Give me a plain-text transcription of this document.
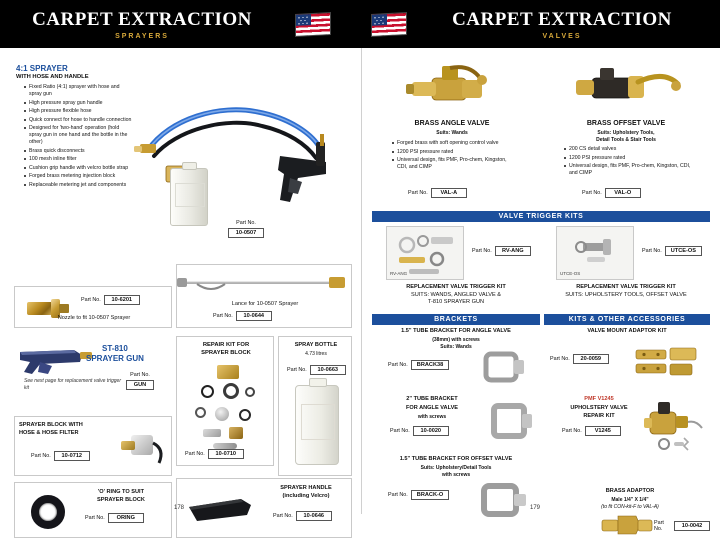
CARPET EXTRACTION
SPRAYERS
CARPET EXTRACTION
VALVES
4:1 SPRAYER
WITH HOSE AND HANDLE
Fixed Ratio (4:1) sprayer with hose and spray gun
High pressure spray gun handle
High pressure flexible hose
Quick connect for hose to handle connection
Designed for 'two-hand' operation (hold spray gun in one hand and the bottle in the other)
Brass quick disconnects
100 mesh inline filter
Cushion grip handle with velcro bottle strap
Forged brass metering injection block
Replaceable metering jet and components
Part No.
10-0507
Part No.	10-6201
Nozzle to fit 10-0507 Sprayer
Lance for 10-0507 Sprayer
Part No.	10-0644
ST-810
SPRAYER GUN
See next page for replacement valve trigger kit
Part No.
GUN
REPAIR KIT FOR
SPRAYER BLOCK
Part No.	10-0710
SPRAY BOTTLE
4.73 litres
Part No.	10-0663
SPRAYER BLOCK WITH
HOSE & HOSE FILTER
Part No.	10-0712
'O' RING TO SUIT
SPRAYER BLOCK
Part No.	ORING
SPRAYER HANDLE
(including Velcro)
Part No.	10-0646
178
BRASS ANGLE VALVE
Suits: Wands
Forged brass with soft opening control valve
1200 PSI pressure rated
Universal design, fits PMF, Pro-chem, Kingston, CDI, and CIMP
Part No.	VAL-A
BRASS OFFSET VALVE
Suits: Upholstery Tools,
Detail Tools & Stair Tools
200 CS detail valves
1200 PSI pressure rated
Universal design, fits PMF, Pro-chem, Kingston, CDI, and CIMP
Part No.	VAL-O
VALVE TRIGGER KITS
RV-ANG
Part No.	RV-ANG
REPLACEMENT VALVE TRIGGER KIT
SUITS: WANDS, ANGLED VALVE &
T-810 SPRAYER GUN
UTCE-OS
Part No.	UTCE-OS
REPLACEMENT VALVE TRIGGER KIT
SUITS: UPHOLSTERY TOOLS, OFFSET VALVE
BRACKETS	KITS & OTHER ACCESSORIES
1.5" TUBE BRACKET FOR ANGLE VALVE
(38mm) with screws
Suits: Wands
Part No.	BRACK38
2" TUBE BRACKET
FOR ANGLE VALVE
with screws
Part No.	10-0020
1.5" TUBE BRACKET FOR OFFSET VALVE
Suits: Upholstery/Detail Tools
with screws
Part No.	BRACK-O
VALVE MOUNT ADAPTOR KIT
Part No.	20-0059
PMF V1245
UPHOLSTERY VALVE
REPAIR KIT
Part No.	V1245
BRASS ADAPTOR
Male 1/4" X 1/4"
(to fit CON-kit-F to VAL-A)
Part No.	10-0042
179
